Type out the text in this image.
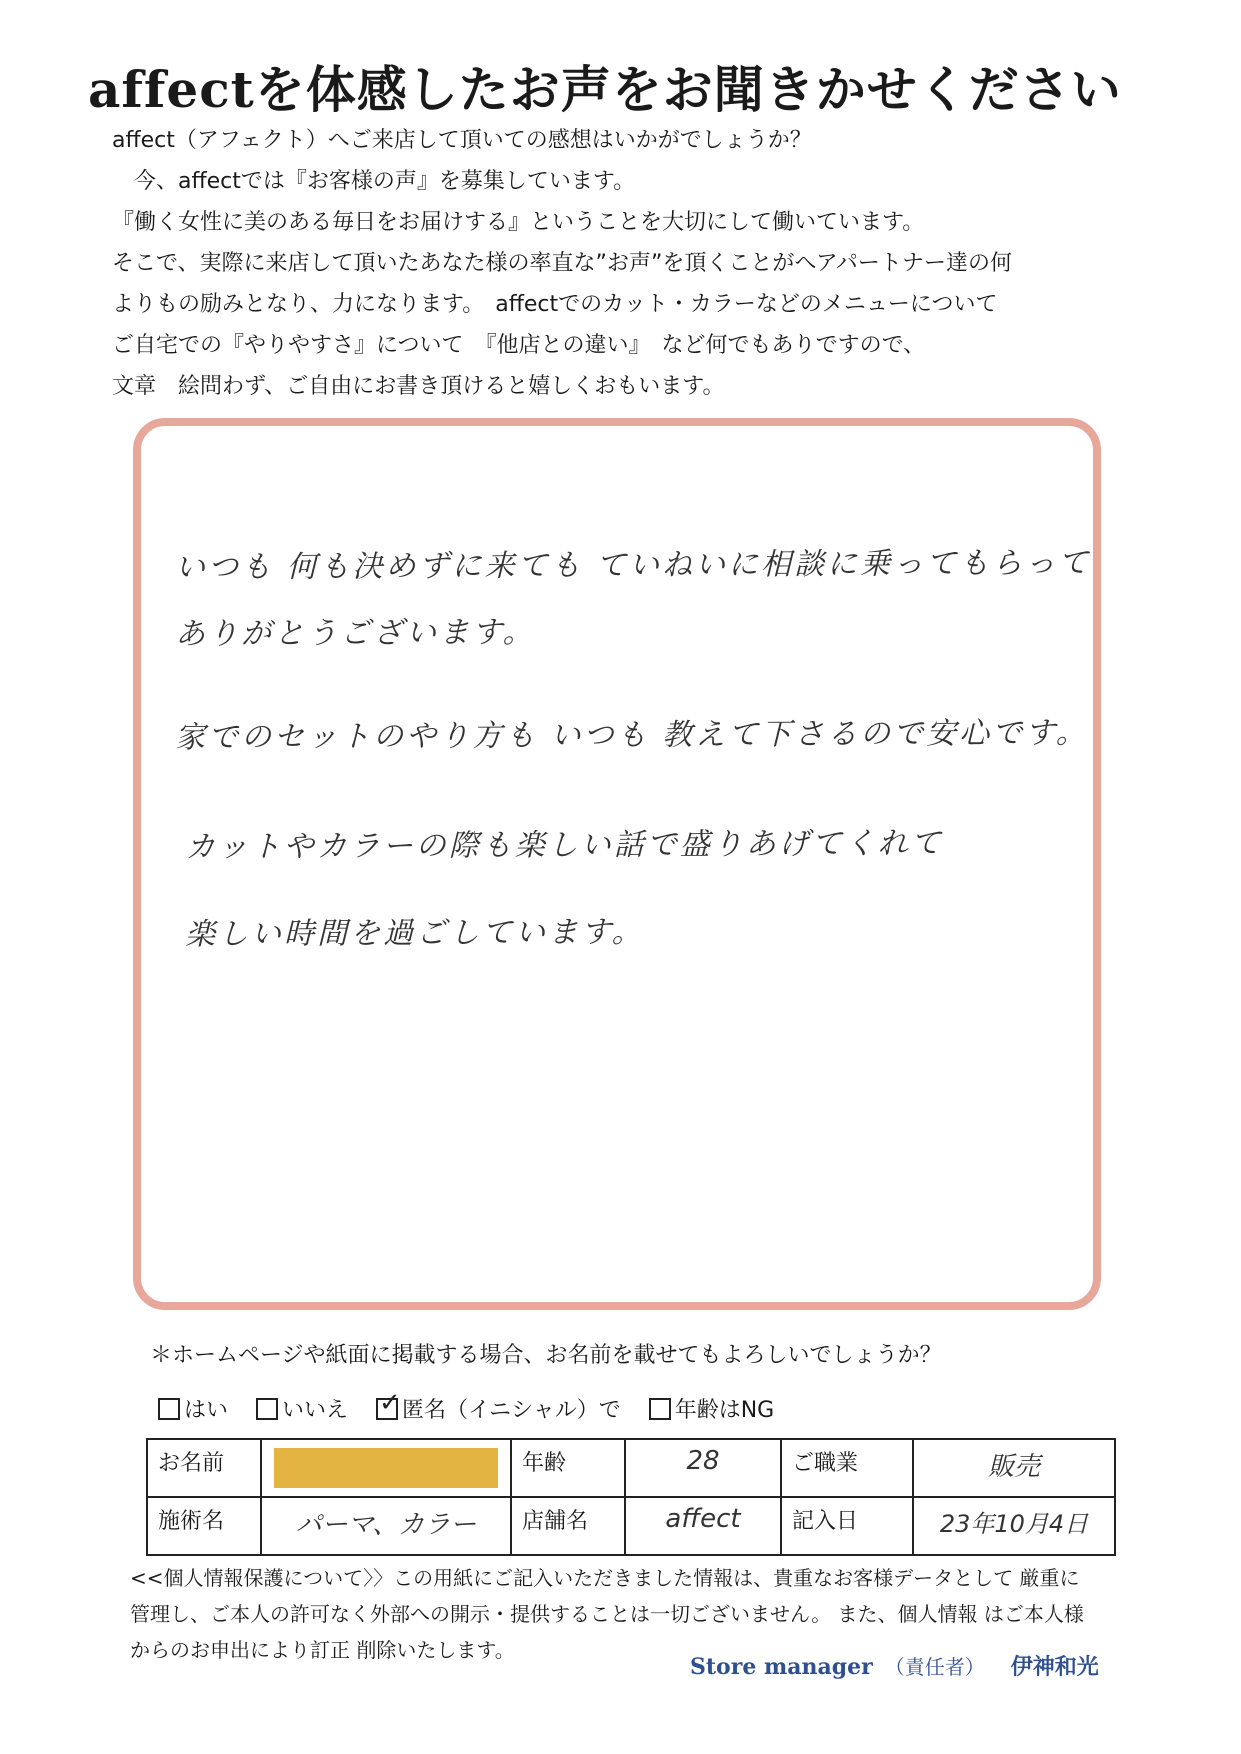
affectを体感したお声をお聞きかせください
affect（アフェクト）へご来店して頂いての感想はいかがでしょうか？
今、affectでは『お客様の声』を募集しています。
『働く女性に美のある毎日をお届けする』ということを大切にして働いています。
そこで、実際に来店して頂いたあなた様の率直な”お声”を頂くことがへアパートナー達の何
よりもの励みとなり、力になります。　affectでのカット・カラーなどのメニューについて
ご自宅での『やりやすさ』について　『他店との違い』　など何でもありですので、
文章　絵問わず、ご自由にお書き頂けると嬉しくおもいます。
いつも 何も決めずに来ても ていねいに相談に乗ってもらって
ありがとうございます。
家でのセットのやり方も いつも 教えて下さるので安心です。
カットやカラーの際も楽しい話で盛りあげてくれて
楽しい時間を過ごしています。
＊ホームページや紙面に掲載する場合、お名前を載せてもよろしいでしょうか？
はい いいえ ✓ 匿名（イニシャル）で 年齢はNG
お名前		年齢	28	ご職業	販売
施術名	パーマ、カラー	店舗名	affect	記入日	23年10月4日
<<個人情報保護について〉〉この用紙にご記入いただきました情報は、貴重なお客様データとして 厳重に
管理し、ご本人の許可なく外部への開示・提供することは一切ございません。 また、個人情報 はご本人様
からのお申出により訂正 削除いたします。
Store manager （責任者） 伊神和光
